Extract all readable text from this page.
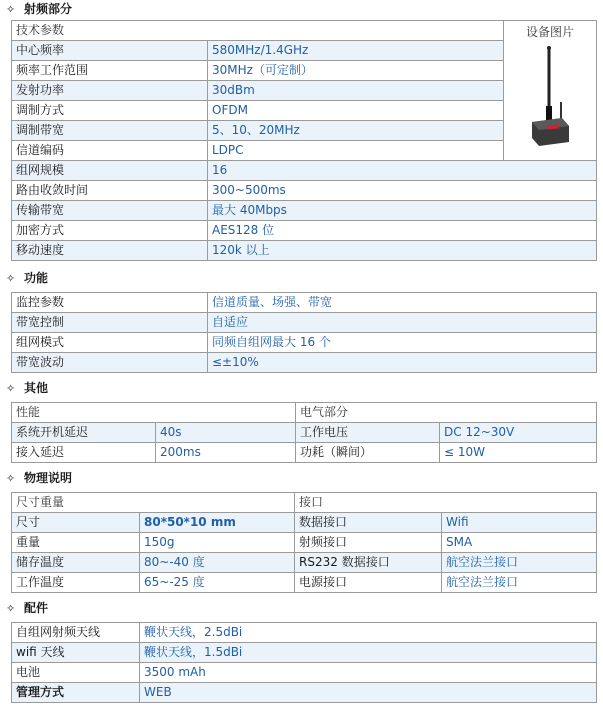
✧ 射频部分
技术参数		设备图片

中心频率	580MHz/1.4GHz	
频率工作范围	30MHz（可定制）	
发射功率	30dBm	
调制方式	OFDM	
调制带宽	5、10、20MHz	
信道编码	LDPC	
组网规模	16	
路由收敛时间	300~500ms	
传输带宽	最大 40Mbps	
加密方式	AES128 位	
移动速度	120k 以上	
✧ 功能
监控参数	信道质量、场强、带宽
带宽控制	自适应
组网模式	同频自组网最大 16 个
带宽波动	≤±10%
✧ 其他
性能		电气部分	
系统开机延迟	40s	工作电压	DC 12~30V
接入延迟	200ms	功耗（瞬间）	≤ 10W
✧ 物理说明
尺寸重量		接口	
尺寸	80*50*10 mm	数据接口	Wifi
重量	150g	射频接口	SMA
储存温度	80~-40 度	RS232 数据接口	航空法兰接口
工作温度	65~-25 度	电源接口	航空法兰接口
✧ 配件
自组网射频天线	鞭状天线，2.5dBi
wifi 天线	鞭状天线，1.5dBi
电池	3500 mAh
管理方式	WEB
